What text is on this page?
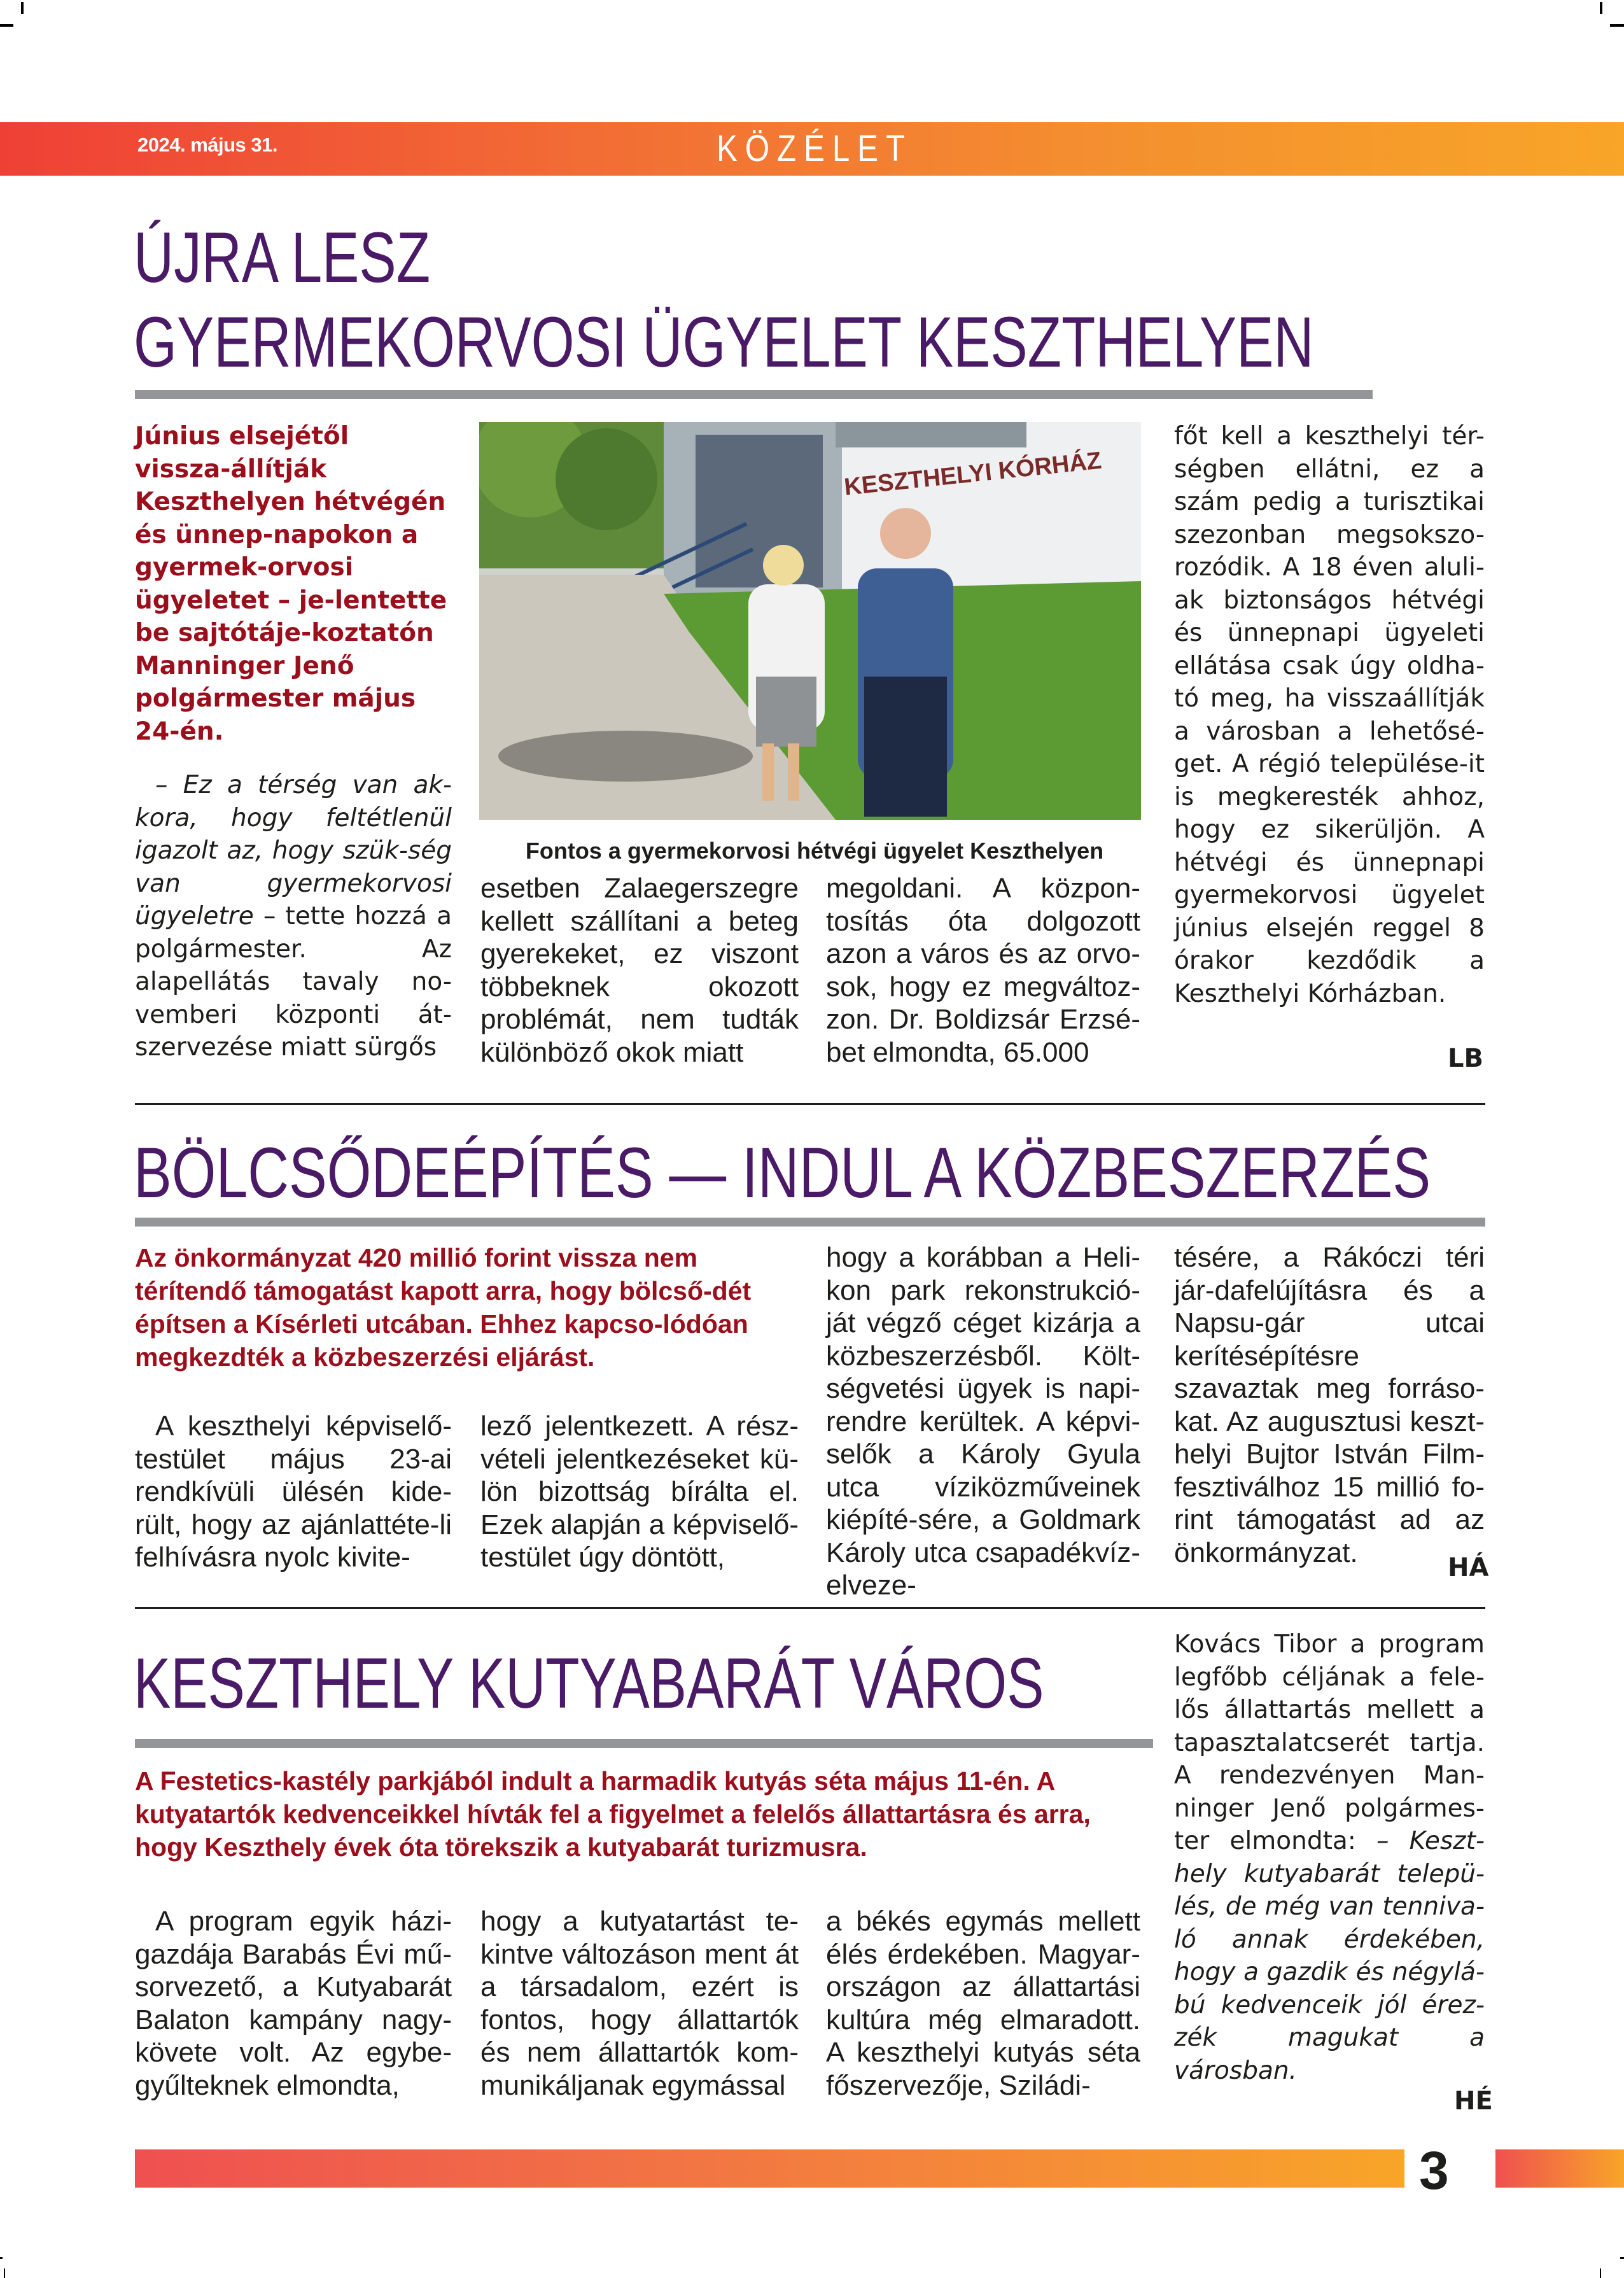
2024. május 31.	KÖZÉLET
ÚJRA LESZ
GYERMEKORVOSI ÜGYELET KESZTHELYEN

Június elsejétől vissza-állítják Keszthelyen hétvégén és ünnep-napokon a gyermek-orvosi ügyeletet – je-lentette be sajtótáje-koztatón Manninger Jenő polgármester május 24-én.

– Ez a térség van ak-kora, hogy feltétlenül igazolt az, hogy szük-ség van gyermekorvosi ügyeletre – tette hozzá a polgármester. Az alapellátás tavaly no-vemberi központi át-szervezése miatt sürgős

KESZTHELYI KÓRHÁZ
Fontos a gyermekorvosi hétvégi ügyelet Keszthelyen

esetben Zalaegerszegre kellett szállítani a beteg gyerekeket, ez viszont többeknek okozott problémát, nem tudták különböző okok miatt

megoldani. A közpon-tosítás óta dolgozott azon a város és az orvo-sok, hogy ez megváltoz-zon. Dr. Boldizsár Erzsé-bet elmondta, 65.000

főt kell a keszthelyi tér-ségben ellátni, ez a szám pedig a turisztikai szezonban megsokszo-rozódik. A 18 éven aluli-ak biztonságos hétvégi és ünnepnapi ügyeleti ellátása csak úgy oldha-tó meg, ha visszaállítják a városban a lehetősé-get. A régió települése-it is megkeresték ahhoz, hogy ez sikerüljön. A hétvégi és ünnepnapi gyermekorvosi ügyelet június elsején reggel 8 órakor kezdődik a Keszthelyi Kórházban.

LB
BÖLCSŐDEÉPÍTÉS — INDUL A KÖZBESZERZÉS

Az önkormányzat 420 millió forint vissza nem térítendő támogatást kapott arra, hogy bölcső-dét építsen a Kísérleti utcában. Ehhez kapcso-lódóan megkezdték a közbeszerzési eljárást.

A keszthelyi képviselő-testület május 23-ai rendkívüli ülésén kide-rült, hogy az ajánlattéte-li felhívásra nyolc kivite-

lező jelentkezett. A rész-vételi jelentkezéseket kü-lön bizottság bírálta el. Ezek alapján a képviselő-testület úgy döntött,

hogy a korábban a Heli-kon park rekonstrukció-ját végző céget kizárja a közbeszerzésből. Költ-ségvetési ügyek is napi-rendre kerültek. A képvi-selők a Károly Gyula utca víziközműveinek kiépíté-sére, a Goldmark Károly utca csapadékvíz-elveze-

tésére, a Rákóczi téri jár-dafelújításra és a Napsu-gár utcai kerítésépítésre szavaztak meg forráso-kat. Az augusztusi keszt-helyi Bujtor István Film-fesztiválhoz 15 millió fo-rint támogatást ad az önkormányzat.	HÁ
KESZTHELY KUTYABARÁT VÁROS

A Festetics-kastély parkjából indult a harmadik kutyás séta május 11-én. A kutyatartók kedvenceikkel hívták fel a figyelmet a felelős állattartásra és arra, hogy Keszthely évek óta törekszik a kutyabarát turizmusra.

A program egyik házi-gazdája Barabás Évi mű-sorvezető, a Kutyabarát Balaton kampány nagy-követe volt. Az egybe-gyűlteknek elmondta,

hogy a kutyatartást te-kintve változáson ment át a társadalom, ezért is fontos, hogy állattartók és nem állattartók kom-munikáljanak egymással

a békés egymás mellett élés érdekében. Magyar-országon az állattartási kultúra még elmaradott. A keszthelyi kutyás séta főszervezője, Sziládi-

Kovács Tibor a program legfőbb céljának a fele-lős állattartás mellett a tapasztalatcserét tartja. A rendezvényen Man-ninger Jenő polgármes-ter elmondta: – Keszt-hely kutyabarát telepü-lés, de még van tenniva-ló annak érdekében, hogy a gazdik és négylá-bú kedvenceik jól érez-zék magukat a városban.

HÉ
3
